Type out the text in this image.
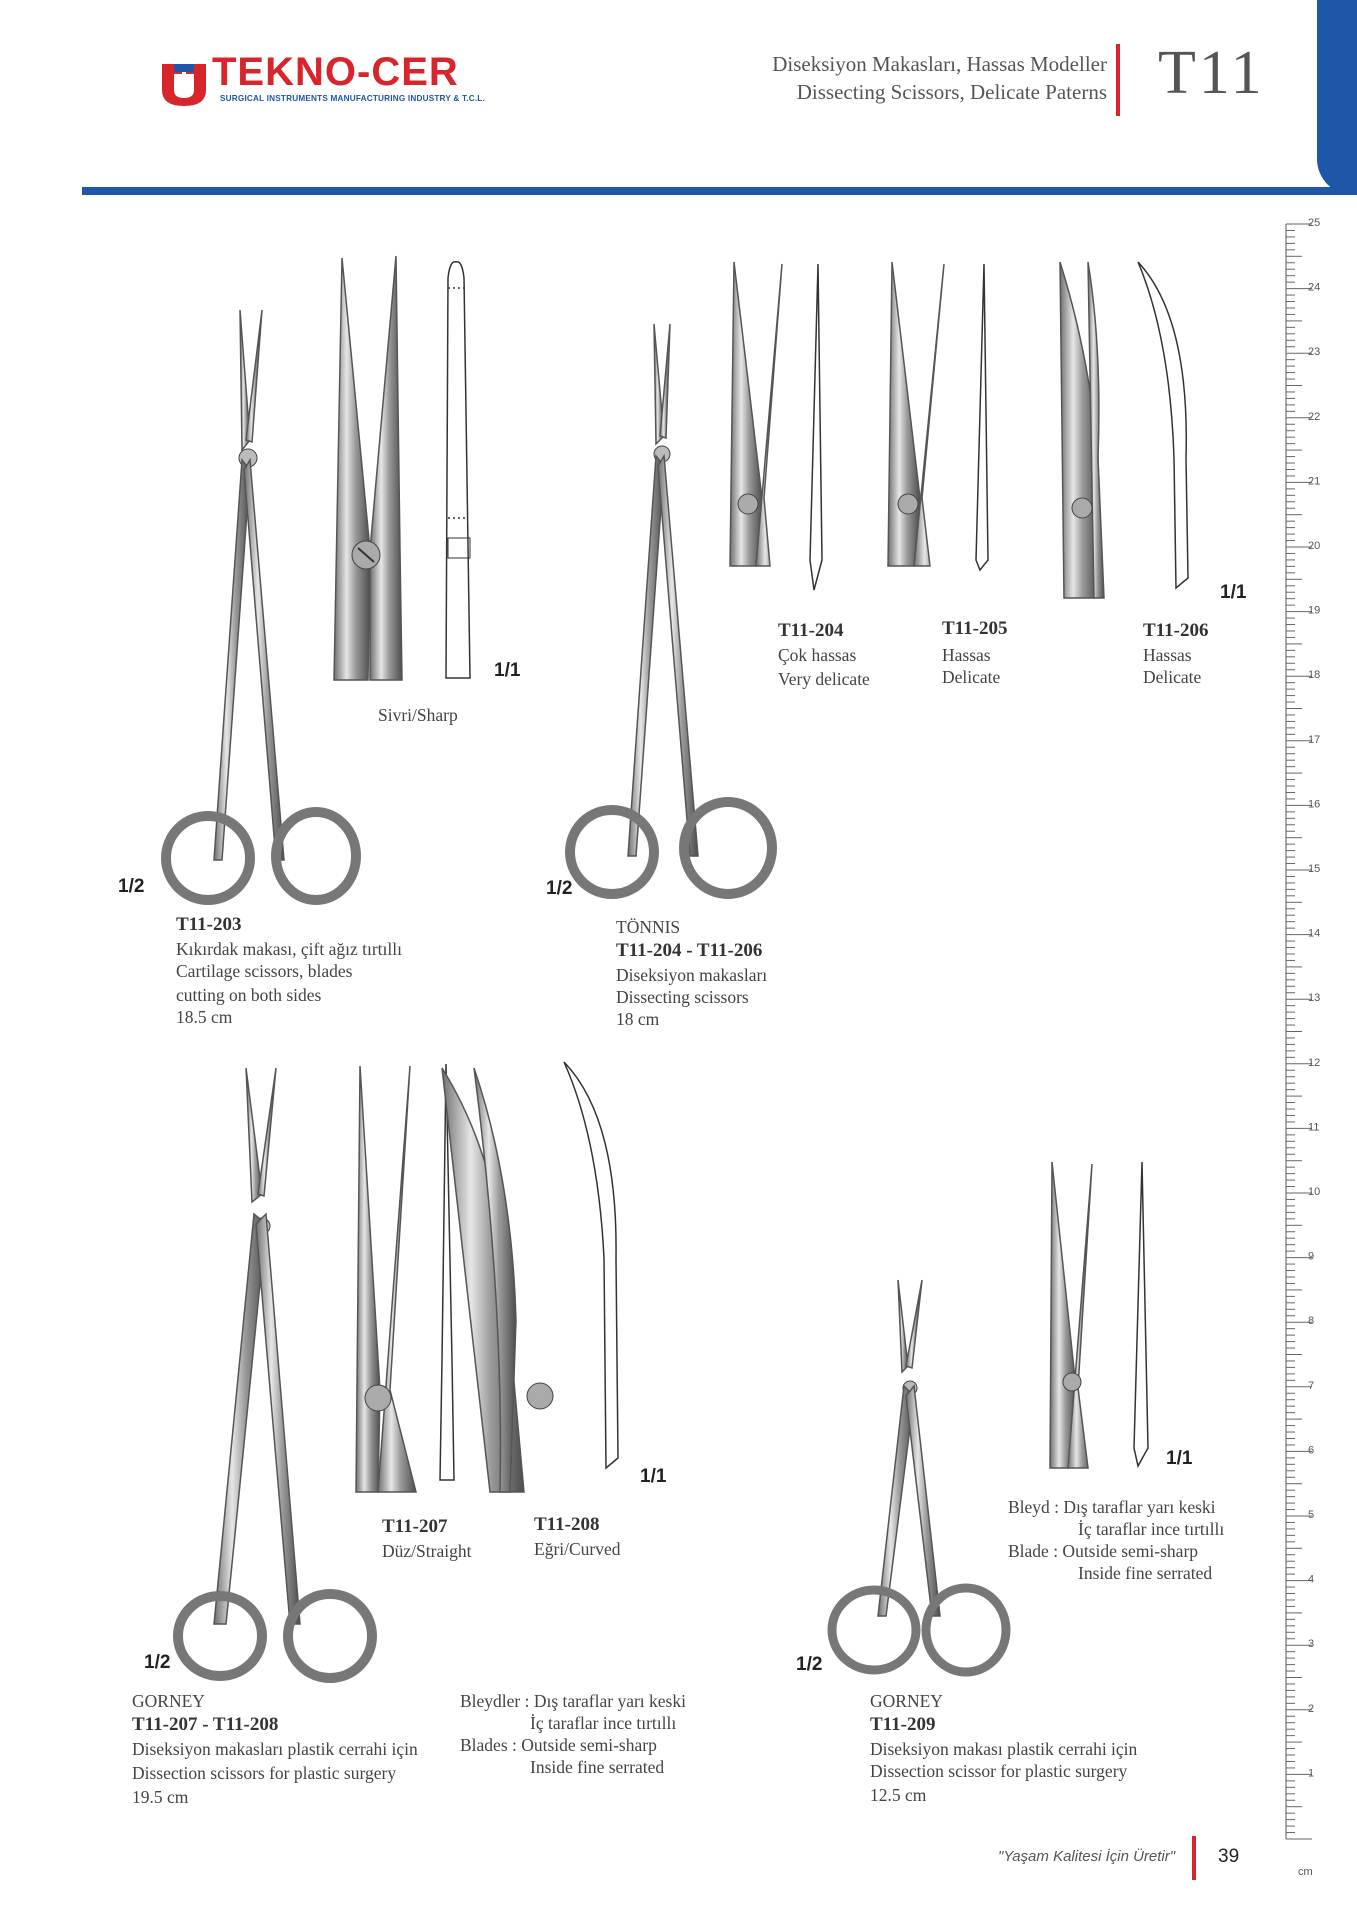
TEKNO-CER
SURGICAL INSTRUMENTS MANUFACTURING INDUSTRY & T.C.L.
Diseksiyon Makasları, Hassas Modeller
Dissecting Scissors, Delicate Paterns T11
25
24
23
22
21
20
19
18
17
16
15
14
13
12
11
10
9
8
7
6
5
4
3
2
1
cm
1/1
Sivri/Sharp
1/2
T11-203
Kıkırdak makası, çift ağız tırtıllı
Cartilage scissors, blades
cutting on both sides
18.5 cm
1/1
T11-204
Çok hassas
Very delicate
T11-205
Hassas
Delicate
T11-206
Hassas
Delicate
1/2
TÖNNIS
T11-204 - T11-206
Diseksiyon makasları
Dissecting scissors
18 cm
1/1
T11-207
Düz/Straight
T11-208
Eğri/Curved
1/2
GORNEY
T11-207 - T11-208
Diseksiyon makasları plastik cerrahi için
Dissection scissors for plastic surgery
19.5 cm
Bleydler : Dış taraflar yarı keski
İç taraflar ince tırtıllı
Blades : Outside semi-sharp
Inside fine serrated
1/1
Bleyd : Dış taraflar yarı keski
İç taraflar ince tırtıllı
Blade : Outside semi-sharp
Inside fine serrated
1/2
GORNEY
T11-209
Diseksiyon makası plastik cerrahi için
Dissection scissor for plastic surgery
12.5 cm
"Yaşam Kalitesi İçin Üretir" 39
